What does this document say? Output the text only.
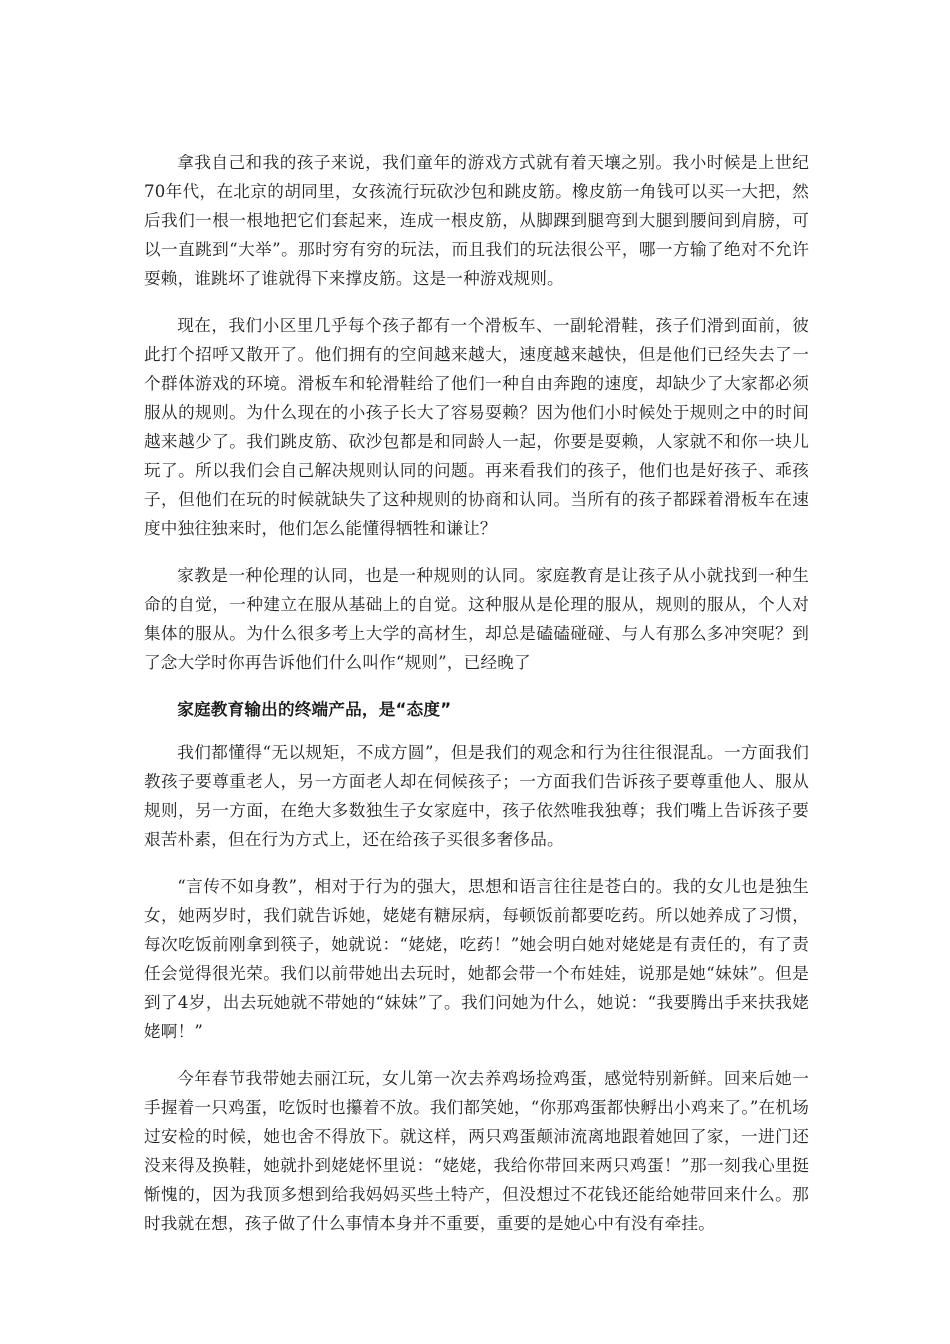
拿我自己和我的孩子来说，我们童年的游戏方式就有着天壤之别。我小时候是上世纪70年代，在北京的胡同里，女孩流行玩砍沙包和跳皮筋。橡皮筋一角钱可以买一大把，然后我们一根一根地把它们套起来，连成一根皮筋，从脚踝到腿弯到大腿到腰间到肩膀，可以一直跳到“大举”。那时穷有穷的玩法，而且我们的玩法很公平，哪一方输了绝对不允许耍赖，谁跳坏了谁就得下来撑皮筋。这是一种游戏规则。

现在，我们小区里几乎每个孩子都有一个滑板车、一副轮滑鞋，孩子们滑到面前，彼此打个招呼又散开了。他们拥有的空间越来越大，速度越来越快，但是他们已经失去了一个群体游戏的环境。滑板车和轮滑鞋给了他们一种自由奔跑的速度，却缺少了大家都必须服从的规则。为什么现在的小孩子长大了容易耍赖？因为他们小时候处于规则之中的时间越来越少了。我们跳皮筋、砍沙包都是和同龄人一起，你要是耍赖，人家就不和你一块儿玩了。所以我们会自己解决规则认同的问题。再来看我们的孩子，他们也是好孩子、乖孩子，但他们在玩的时候就缺失了这种规则的协商和认同。当所有的孩子都踩着滑板车在速度中独往独来时，他们怎么能懂得牺牲和谦让？

家教是一种伦理的认同，也是一种规则的认同。家庭教育是让孩子从小就找到一种生命的自觉，一种建立在服从基础上的自觉。这种服从是伦理的服从，规则的服从，个人对集体的服从。为什么很多考上大学的高材生，却总是磕磕碰碰、与人有那么多冲突呢？到了念大学时你再告诉他们什么叫作“规则”，已经晚了

家庭教育输出的终端产品，是“态度”

我们都懂得“无以规矩，不成方圆”，但是我们的观念和行为往往很混乱。一方面我们教孩子要尊重老人，另一方面老人却在伺候孩子；一方面我们告诉孩子要尊重他人、服从规则，另一方面，在绝大多数独生子女家庭中，孩子依然唯我独尊；我们嘴上告诉孩子要艰苦朴素，但在行为方式上，还在给孩子买很多奢侈品。

“言传不如身教”，相对于行为的强大，思想和语言往往是苍白的。我的女儿也是独生女，她两岁时，我们就告诉她，姥姥有糖尿病，每顿饭前都要吃药。所以她养成了习惯，每次吃饭前刚拿到筷子，她就说：“姥姥，吃药！”她会明白她对姥姥是有责任的，有了责任会觉得很光荣。我们以前带她出去玩时，她都会带一个布娃娃，说那是她“妹妹”。但是到了4岁，出去玩她就不带她的“妹妹”了。我们问她为什么，她说：“我要腾出手来扶我姥姥啊！”

今年春节我带她去丽江玩，女儿第一次去养鸡场捡鸡蛋，感觉特别新鲜。回来后她一手握着一只鸡蛋，吃饭时也攥着不放。我们都笑她，“你那鸡蛋都快孵出小鸡来了。”在机场过安检的时候，她也舍不得放下。就这样，两只鸡蛋颠沛流离地跟着她回了家，一进门还没来得及换鞋，她就扑到姥姥怀里说：“姥姥，我给你带回来两只鸡蛋！”那一刻我心里挺惭愧的，因为我顶多想到给我妈妈买些土特产，但没想过不花钱还能给她带回来什么。那时我就在想，孩子做了什么事情本身并不重要，重要的是她心中有没有牵挂。
